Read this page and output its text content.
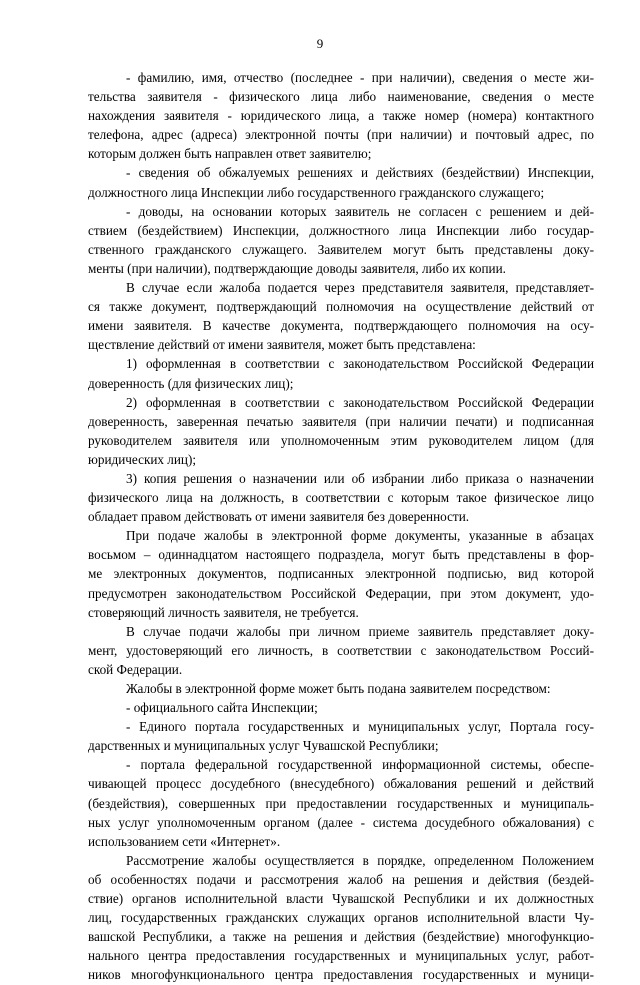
9
- фамилию, имя, отчество (последнее - при наличии), сведения о месте жи-
тельства заявителя - физического лица либо наименование, сведения о месте
нахождения заявителя - юридического лица, а также номер (номера) контактного
телефона, адрес (адреса) электронной почты (при наличии) и почтовый адрес, по
которым должен быть направлен ответ заявителю;
- сведения об обжалуемых решениях и действиях (бездействии) Инспекции,
должностного лица Инспекции либо государственного гражданского служащего;
- доводы, на основании которых заявитель не согласен с решением и дей-
ствием (бездействием) Инспекции, должностного лица Инспекции либо государ-
ственного гражданского служащего. Заявителем могут быть представлены доку-
менты (при наличии), подтверждающие доводы заявителя, либо их копии.
В случае если жалоба подается через представителя заявителя, представляет-
ся также документ, подтверждающий полномочия на осуществление действий от
имени заявителя. В качестве документа, подтверждающего полномочия на осу-
ществление действий от имени заявителя, может быть представлена:
1) оформленная в соответствии с законодательством Российской Федерации
доверенность (для физических лиц);
2) оформленная в соответствии с законодательством Российской Федерации
доверенность, заверенная печатью заявителя (при наличии печати) и подписанная
руководителем заявителя или уполномоченным этим руководителем лицом (для
юридических лиц);
3) копия решения о назначении или об избрании либо приказа о назначении
физического лица на должность, в соответствии с которым такое физическое лицо
обладает правом действовать от имени заявителя без доверенности.
При подаче жалобы в электронной форме документы, указанные в абзацах
восьмом – одиннадцатом настоящего подраздела, могут быть представлены в фор-
ме электронных документов, подписанных электронной подписью, вид которой
предусмотрен законодательством Российской Федерации, при этом документ, удо-
стоверяющий личность заявителя, не требуется.
В случае подачи жалобы при личном приеме заявитель представляет доку-
мент, удостоверяющий его личность, в соответствии с законодательством Россий-
ской Федерации.
Жалобы в электронной форме может быть подана заявителем посредством:
- официального сайта Инспекции;
- Единого портала государственных и муниципальных услуг, Портала госу-
дарственных и муниципальных услуг Чувашской Республики;
- портала федеральной государственной информационной системы, обеспе-
чивающей процесс досудебного (внесудебного) обжалования решений и действий
(бездействия), совершенных при предоставлении государственных и муниципаль-
ных услуг уполномоченным органом (далее - система досудебного обжалования) с
использованием сети «Интернет».
Рассмотрение жалобы осуществляется в порядке, определенном Положением
об особенностях подачи и рассмотрения жалоб на решения и действия (бездей-
ствие) органов исполнительной власти Чувашской Республики и их должностных
лиц, государственных гражданских служащих органов исполнительной власти Чу-
вашской Республики, а также на решения и действия (бездействие) многофункцио-
нального центра предоставления государственных и муниципальных услуг, работ-
ников многофункционального центра предоставления государственных и муници-
